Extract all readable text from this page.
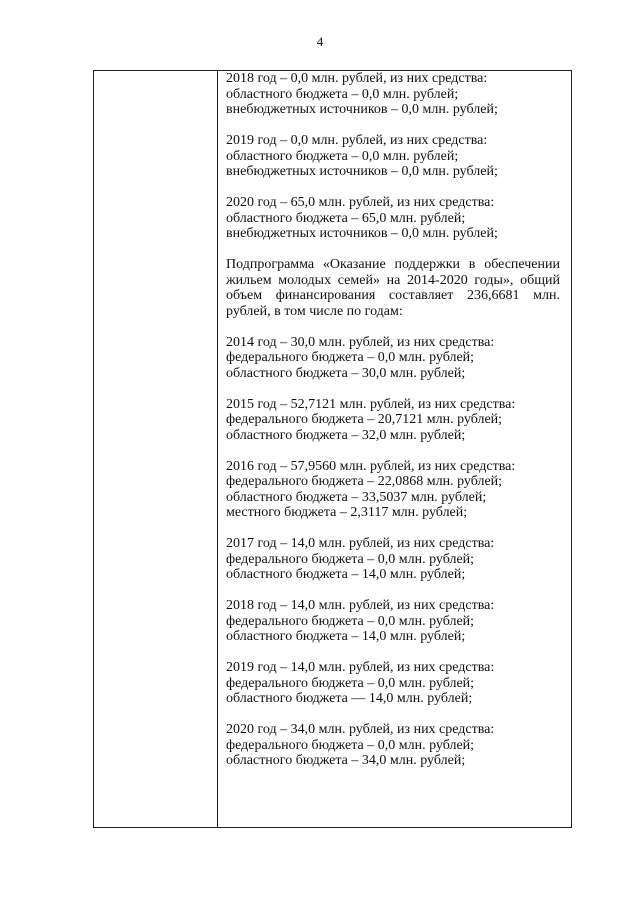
4
2018 год – 0,0 млн. рублей, из них средства:
областного бюджета – 0,0 млн. рублей;
внебюджетных источников – 0,0 млн. рублей;
2019 год – 0,0 млн. рублей, из них средства:
областного бюджета – 0,0 млн. рублей;
внебюджетных источников – 0,0 млн. рублей;
2020 год – 65,0 млн. рублей, из них средства:
областного бюджета – 65,0 млн. рублей;
внебюджетных источников – 0,0 млн. рублей;
Подпрограмма «Оказание поддержки в обеспечении жильем молодых семей» на 2014-2020 годы», общий объем финансирования составляет 236,6681 млн. рублей, в том числе по годам:
2014 год – 30,0 млн. рублей, из них средства:
федерального бюджета – 0,0 млн. рублей;
областного бюджета – 30,0 млн. рублей;
2015 год – 52,7121 млн. рублей, из них средства:
федерального бюджета – 20,7121 млн. рублей;
областного бюджета – 32,0 млн. рублей;
2016 год – 57,9560 млн. рублей, из них средства:
федерального бюджета – 22,0868 млн. рублей;
областного бюджета – 33,5037 млн. рублей;
местного бюджета – 2,3117 млн. рублей;
2017 год – 14,0 млн. рублей, из них средства:
федерального бюджета – 0,0 млн. рублей;
областного бюджета – 14,0 млн. рублей;
2018 год – 14,0 млн. рублей, из них средства:
федерального бюджета – 0,0 млн. рублей;
областного бюджета – 14,0 млн. рублей;
2019 год – 14,0 млн. рублей, из них средства:
федерального бюджета – 0,0 млн. рублей;
областного бюджета — 14,0 млн. рублей;
2020 год – 34,0 млн. рублей, из них средства:
федерального бюджета – 0,0 млн. рублей;
областного бюджета – 34,0 млн. рублей;
